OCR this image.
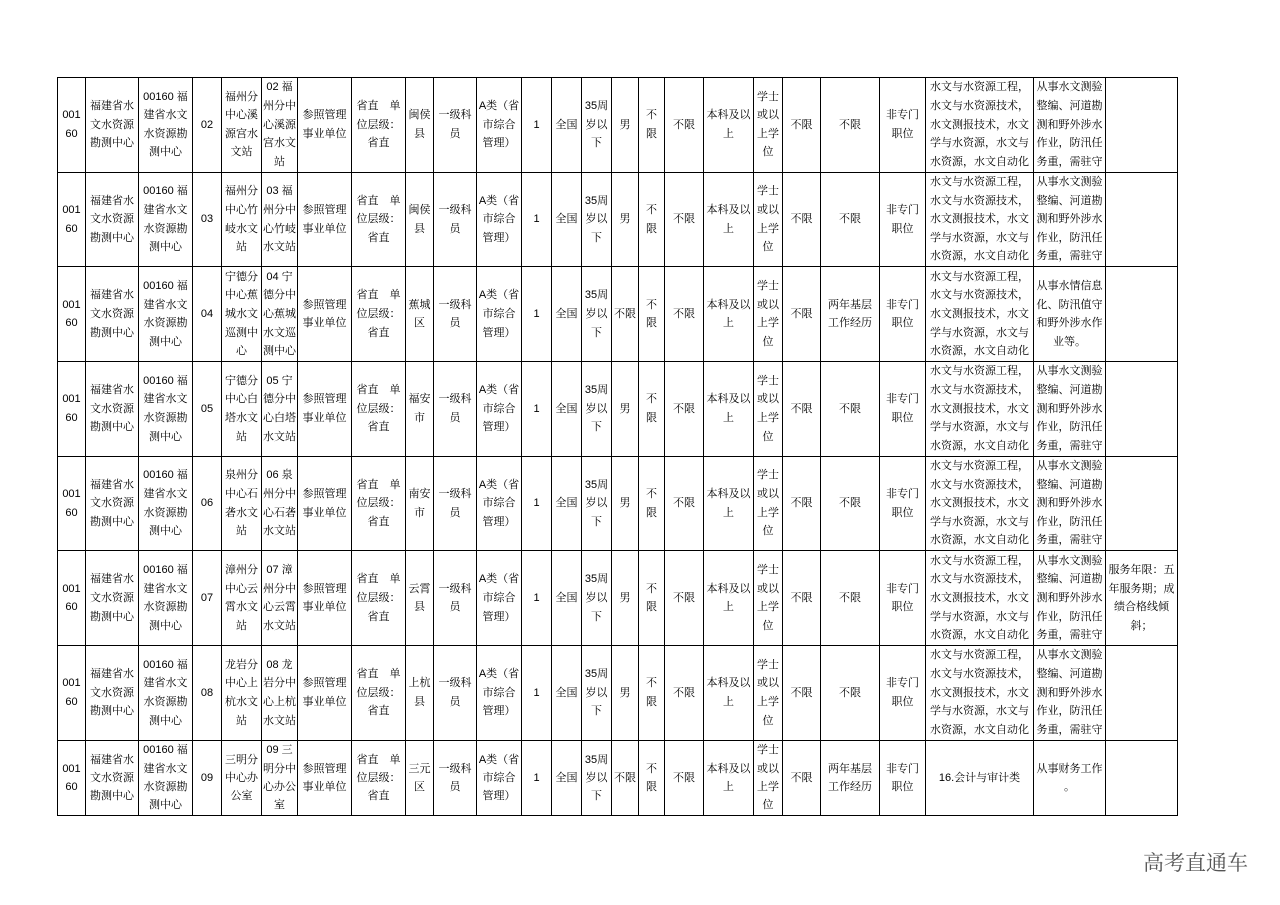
00160	福建省水文水资源勘测中心	00160 福建省水文水资源勘测中心	02	福州分中心溪源宫水文站	02 福州分中心溪源宫水文站	参照管理事业单位	省直　单位层级：省直	闽侯县	一级科员	A类（省市综合管理）	1	全国	35周岁以下	男	不限	不限	本科及以上	学士或以上学位	不限	不限	非专门职位	水文与水资源工程，水文与水资源技术，水文测报技术，水文学与水资源，水文与水资源，水文自动化	从事水文测验整编、河道勘测和野外涉水作业，防汛任务重，需驻守	

00160	福建省水文水资源勘测中心	00160 福建省水文水资源勘测中心	03	福州分中心竹岐水文站	03 福州分中心竹岐水文站	参照管理事业单位	省直　单位层级：省直	闽侯县	一级科员	A类（省市综合管理）	1	全国	35周岁以下	男	不限	不限	本科及以上	学士或以上学位	不限	不限	非专门职位	水文与水资源工程，水文与水资源技术，水文测报技术，水文学与水资源，水文与水资源，水文自动化	从事水文测验整编、河道勘测和野外涉水作业，防汛任务重，需驻守	

00160	福建省水文水资源勘测中心	00160 福建省水文水资源勘测中心	04	宁德分中心蕉城水文巡测中心	04 宁德分中心蕉城水文巡测中心	参照管理事业单位	省直　单位层级：省直	蕉城区	一级科员	A类（省市综合管理）	1	全国	35周岁以下	不限	不限	不限	本科及以上	学士或以上学位	不限	两年基层工作经历	非专门职位	水文与水资源工程，水文与水资源技术，水文测报技术，水文学与水资源，水文与水资源，水文自动化	从事水情信息化、防汛值守和野外涉水作业等。	

00160	福建省水文水资源勘测中心	00160 福建省水文水资源勘测中心	05	宁德分中心白塔水文站	05 宁德分中心白塔水文站	参照管理事业单位	省直　单位层级：省直	福安市	一级科员	A类（省市综合管理）	1	全国	35周岁以下	男	不限	不限	本科及以上	学士或以上学位	不限	不限	非专门职位	水文与水资源工程，水文与水资源技术，水文测报技术，水文学与水资源，水文与水资源，水文自动化	从事水文测验整编、河道勘测和野外涉水作业，防汛任务重，需驻守	

00160	福建省水文水资源勘测中心	00160 福建省水文水资源勘测中心	06	泉州分中心石砻水文站	06 泉州分中心石砻水文站	参照管理事业单位	省直　单位层级：省直	南安市	一级科员	A类（省市综合管理）	1	全国	35周岁以下	男	不限	不限	本科及以上	学士或以上学位	不限	不限	非专门职位	水文与水资源工程，水文与水资源技术，水文测报技术，水文学与水资源，水文与水资源，水文自动化	从事水文测验整编、河道勘测和野外涉水作业，防汛任务重，需驻守	

00160	福建省水文水资源勘测中心	00160 福建省水文水资源勘测中心	07	漳州分中心云霄水文站	07 漳州分中心云霄水文站	参照管理事业单位	省直　单位层级：省直	云霄县	一级科员	A类（省市综合管理）	1	全国	35周岁以下	男	不限	不限	本科及以上	学士或以上学位	不限	不限	非专门职位	水文与水资源工程，水文与水资源技术，水文测报技术，水文学与水资源，水文与水资源，水文自动化	从事水文测验整编、河道勘测和野外涉水作业，防汛任务重，需驻守	服务年限：五年服务期；成绩合格线倾斜；

00160	福建省水文水资源勘测中心	00160 福建省水文水资源勘测中心	08	龙岩分中心上杭水文站	08 龙岩分中心上杭水文站	参照管理事业单位	省直　单位层级：省直	上杭县	一级科员	A类（省市综合管理）	1	全国	35周岁以下	男	不限	不限	本科及以上	学士或以上学位	不限	不限	非专门职位	水文与水资源工程，水文与水资源技术，水文测报技术，水文学与水资源，水文与水资源，水文自动化	从事水文测验整编、河道勘测和野外涉水作业，防汛任务重，需驻守	

00160	福建省水文水资源勘测中心	00160 福建省水文水资源勘测中心	09	三明分中心办公室	09 三明分中心办公室	参照管理事业单位	省直　单位层级：省直	三元区	一级科员	A类（省市综合管理）	1	全国	35周岁以下	不限	不限	不限	本科及以上	学士或以上学位	不限	两年基层工作经历	非专门职位	16.会计与审计类	从事财务工作。	

高考直通车
